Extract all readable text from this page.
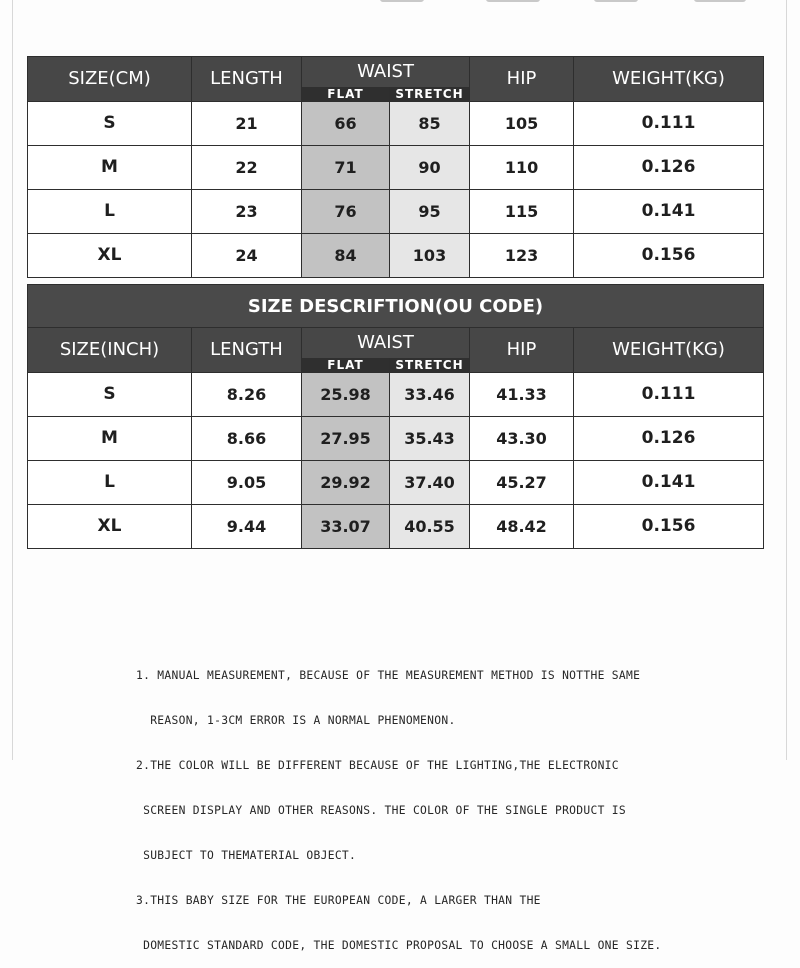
SIZE(CM)	LENGTH	WAIST		HIP	WEIGHT(KG)
		FLAT	STRETCH		
S	21	66	85	105	0.111
M	22	71	90	110	0.126
L	23	76	95	115	0.141
XL	24	84	103	123	0.156
SIZE DESCRIFTION(OU CODE)					
SIZE(INCH)	LENGTH	WAIST		HIP	WEIGHT(KG)
		FLAT	STRETCH		
S	8.26	25.98	33.46	41.33	0.111
M	8.66	27.95	35.43	43.30	0.126
L	9.05	29.92	37.40	45.27	0.141
XL	9.44	33.07	40.55	48.42	0.156

1. MANUAL MEASUREMENT, BECAUSE OF THE MEASUREMENT METHOD IS NOTTHE SAME

REASON, 1-3CM ERROR IS A NORMAL PHENOMENON.

2.THE COLOR WILL BE DIFFERENT BECAUSE OF THE LIGHTING,THE ELECTRONIC

SCREEN DISPLAY AND OTHER REASONS. THE COLOR OF THE SINGLE PRODUCT IS

SUBJECT TO THEMATERIAL OBJECT.

3.THIS BABY SIZE FOR THE EUROPEAN CODE, A LARGER THAN THE

DOMESTIC STANDARD CODE, THE DOMESTIC PROPOSAL TO CHOOSE A SMALL ONE SIZE.
